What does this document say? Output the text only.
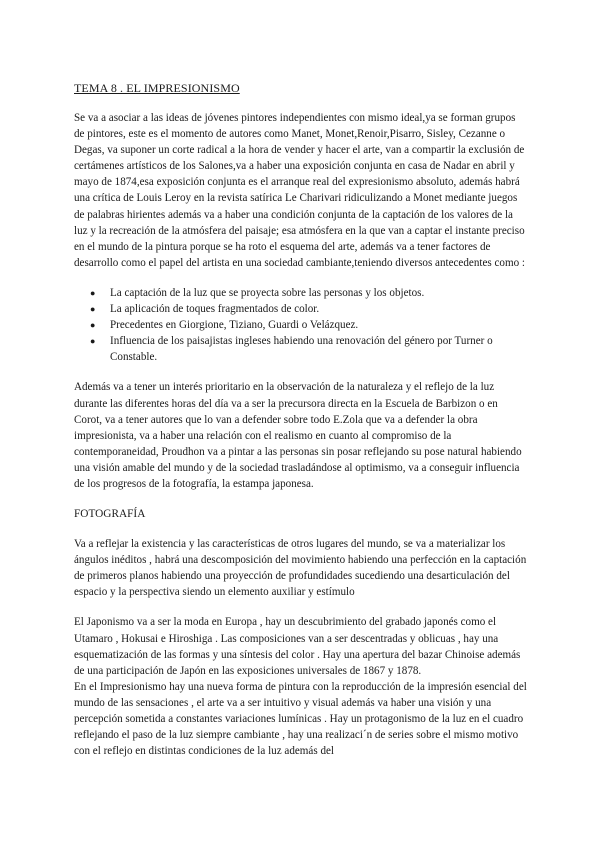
TEMA 8 . EL IMPRESIONISMO

Se va a asociar a las ideas de jóvenes pintores independientes con mismo ideal,ya se forman grupos de pintores, este es el momento de autores como Manet, Monet,Renoir,Pisarro, Sisley, Cezanne o Degas, va suponer un corte radical a la hora de vender y hacer el arte, van a compartir la exclusión de certámenes artísticos de los Salones,va a haber una exposición conjunta en casa de Nadar en abril y mayo de 1874,esa exposición conjunta es el arranque real del expresionismo absoluto, además habrá una crítica de Louis Leroy en la revista satírica Le Charivari ridiculizando a Monet mediante juegos de palabras hirientes además va a haber una condición conjunta de la captación de los valores de la luz y la recreación de la atmósfera del paisaje; esa atmósfera en la que van a captar el instante preciso en el mundo de la pintura porque se ha roto el esquema del arte, además va a tener factores de desarrollo como el papel del artista en una sociedad cambiante,teniendo diversos antecedentes como :

● La captación de la luz que se proyecta sobre las personas y los objetos.
● La aplicación de toques fragmentados de color.
● Precedentes en Giorgione, Tiziano, Guardi o Velázquez.
● Influencia de los paisajistas ingleses habiendo una renovación del género por Turner o Constable.

Además va a tener un interés prioritario en la observación de la naturaleza y el reflejo de la luz durante las diferentes horas del día va a ser la precursora directa en la Escuela de Barbizon o en Corot, va a tener autores que lo van a defender sobre todo E.Zola que va a defender la obra impresionista, va a haber una relación con el realismo en cuanto al compromiso de la contemporaneidad, Proudhon va a pintar a las personas sin posar reflejando su pose natural habiendo una visión amable del mundo y de la sociedad trasladándose al optimismo, va a conseguir influencia de los progresos de la fotografía, la estampa japonesa.

FOTOGRAFÍA

Va a reflejar la existencia y las características de otros lugares del mundo, se va a materializar los ángulos inéditos , habrá una descomposición del movimiento habiendo una perfección en la captación de primeros planos habiendo una proyección de profundidades sucediendo una desarticulación del espacio y la perspectiva siendo un elemento auxiliar y estímulo

El Japonismo va a ser la moda en Europa , hay un descubrimiento del grabado japonés como el Utamaro , Hokusai e Hiroshiga . Las composiciones van a ser descentradas y oblicuas , hay una esquematización de las formas y una síntesis del color . Hay una apertura del bazar Chinoise además de una participación de Japón en las exposiciones universales de 1867 y 1878.

En el Impresionismo hay una nueva forma de pintura con la reproducción de la impresión esencial del mundo de las sensaciones , el arte va a ser intuitivo y visual además va haber una visión y una percepción sometida a constantes variaciones lumínicas . Hay un protagonismo de la luz en el cuadro reflejando el paso de la luz siempre cambiante , hay una realizaci´n de series sobre el mismo motivo con el reflejo en distintas condiciones de la luz además del
